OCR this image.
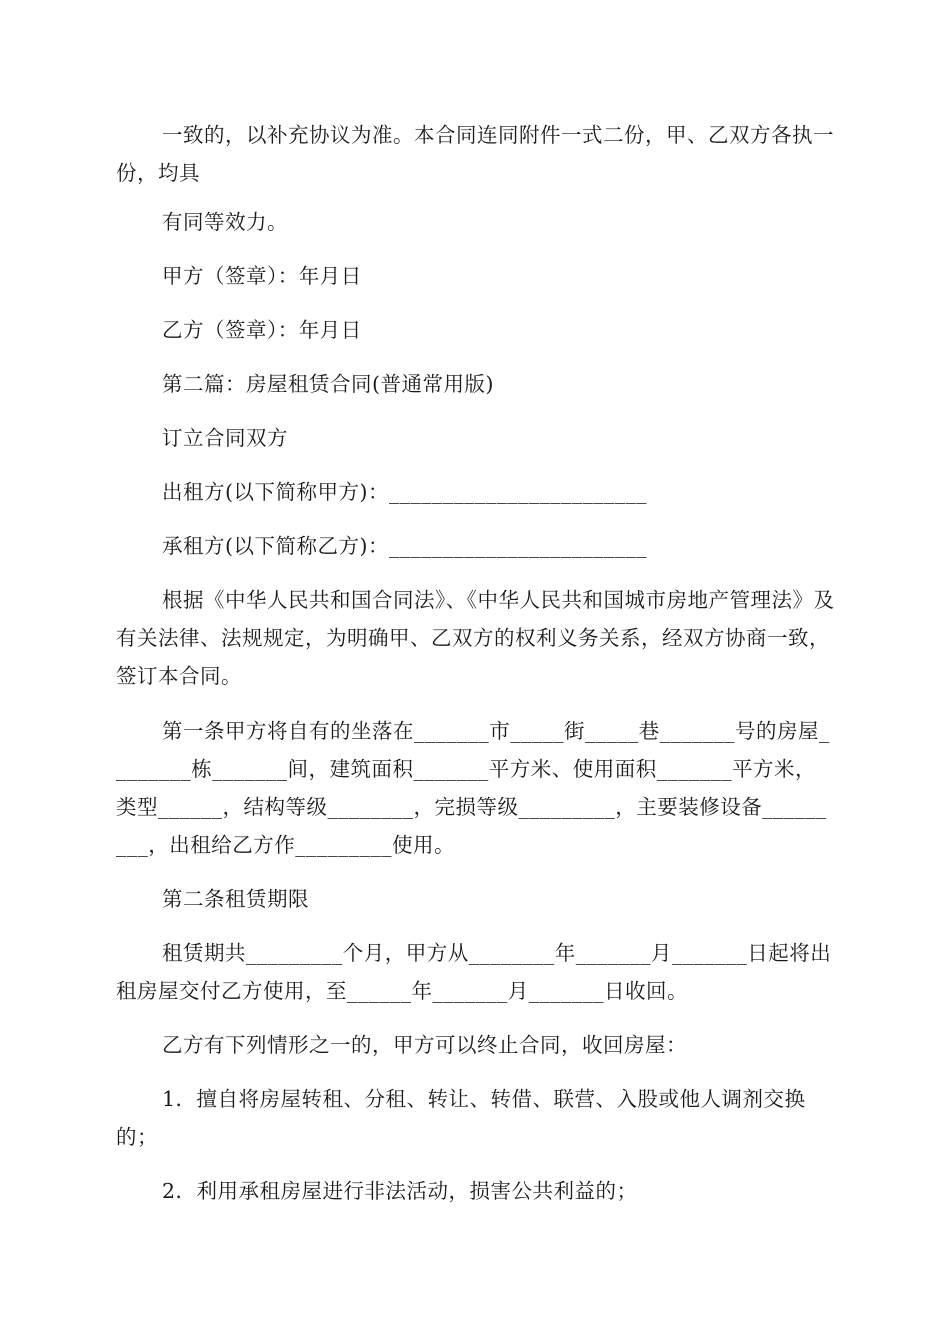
一致的，以补充协议为准。本合同连同附件一式二份，甲、乙双方各执一份，均具

有同等效力。

甲方（签章）：年月日

乙方（签章）：年月日

第二篇：房屋租赁合同(普通常用版)

订立合同双方

出租方(以下简称甲方)：________________________

承租方(以下简称乙方)：________________________

根据《中华人民共和国合同法》、《中华人民共和国城市房地产管理法》及有关法律、法规规定，为明确甲、乙双方的权利义务关系，经双方协商一致，签订本合同。

第一条甲方将自有的坐落在_______市_____街_____巷_______号的房屋________栋_______间，建筑面积_______平方米、使用面积_______平方米，类型______，结构等级________，完损等级_________，主要装修设备_________，出租给乙方作_________使用。

第二条租赁期限

租赁期共_________个月，甲方从________年_______月_______日起将出租房屋交付乙方使用，至______年_______月_______日收回。

乙方有下列情形之一的，甲方可以终止合同，收回房屋：

1．擅自将房屋转租、分租、转让、转借、联营、入股或他人调剂交换的；

2．利用承租房屋进行非法活动，损害公共利益的；
